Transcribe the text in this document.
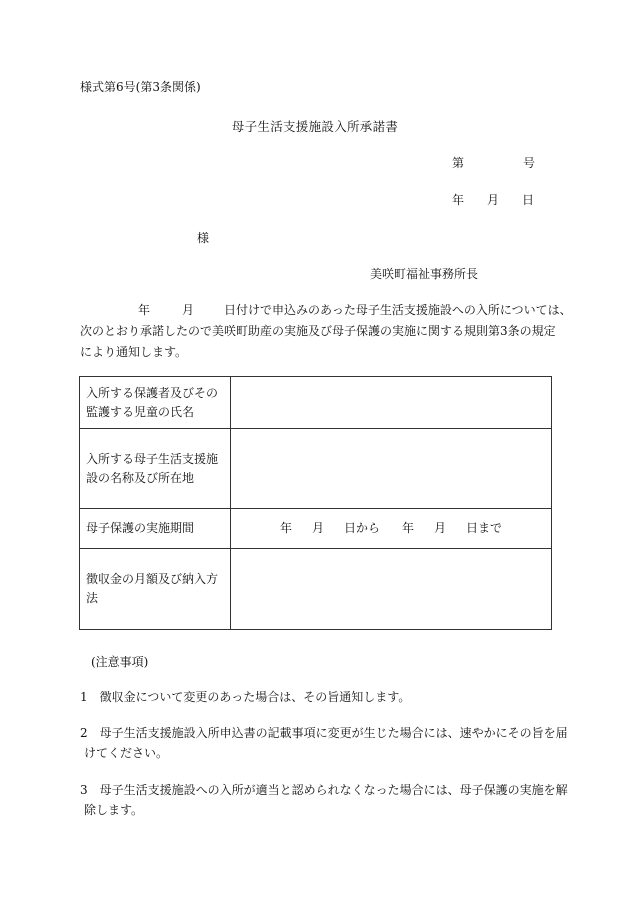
様式第6号(第3条関係)
母子生活支援施設入所承諾書
第	号
年 月 日
様
美咲町福祉事務所長
年	月	日付けで申込みのあった母子生活支援施設への入所については、
次のとおり承諾したので美咲町助産の実施及び母子保護の実施に関する規則第3条の規定
により通知します。
入所する保護者及びその
監護する児童の氏名	
入所する母子生活支援施
設の名称及び所在地	
母子保護の実施期間	年 月 日から 年 月 日まで
徴収金の月額及び納入方
法	
(注意事項)
1　徴収金について変更のあった場合は、その旨通知します。
2　母子生活支援施設入所申込書の記載事項に変更が生じた場合には、速やかにその旨を届
けてください。
3　母子生活支援施設への入所が適当と認められなくなった場合には、母子保護の実施を解
除します。
